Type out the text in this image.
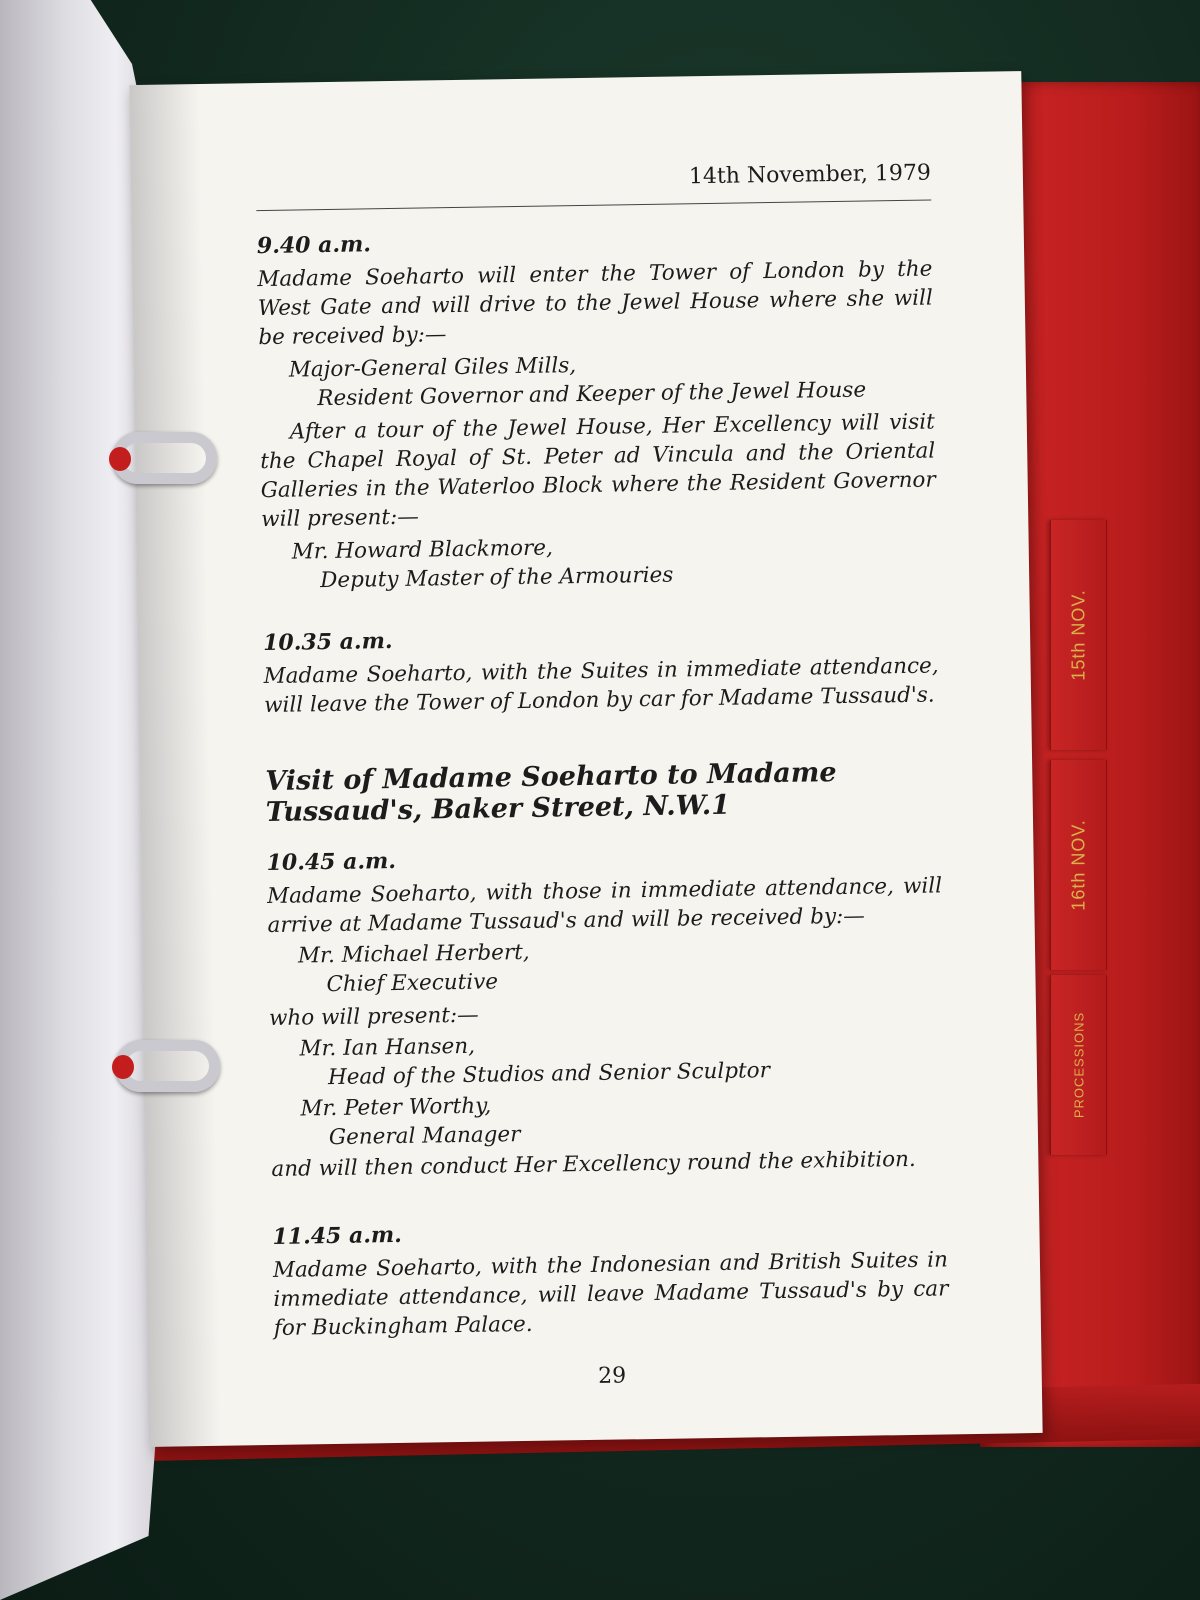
15th NOV.
16th NOV.
PROCESSIONS
14th November, 1979

9.40 a.m.

Madame Soeharto will enter the Tower of London by the West Gate and will drive to the Jewel House where she will be received by:—

Major-General Giles Mills,
Resident Governor and Keeper of the Jewel House

After a tour of the Jewel House, Her Excellency will visit the Chapel Royal of St. Peter ad Vincula and the Oriental Galleries in the Waterloo Block where the Resident Governor will present:—

Mr. Howard Blackmore,
Deputy Master of the Armouries

10.35 a.m.

Madame Soeharto, with the Suites in immediate attendance, will leave the Tower of London by car for Madame Tussaud's.

Visit of Madame Soeharto to Madame

Tussaud's, Baker Street, N.W.1

10.45 a.m.

Madame Soeharto, with those in immediate attendance, will arrive at Madame Tussaud's and will be received by:—

Mr. Michael Herbert,
Chief Executive

who will present:—

Mr. Ian Hansen,
Head of the Studios and Senior Sculptor
Mr. Peter Worthy,
General Manager

and will then conduct Her Excellency round the exhibition.

11.45 a.m.

Madame Soeharto, with the Indonesian and British Suites in immediate attendance, will leave Madame Tussaud's by car for Buckingham Palace.

29
